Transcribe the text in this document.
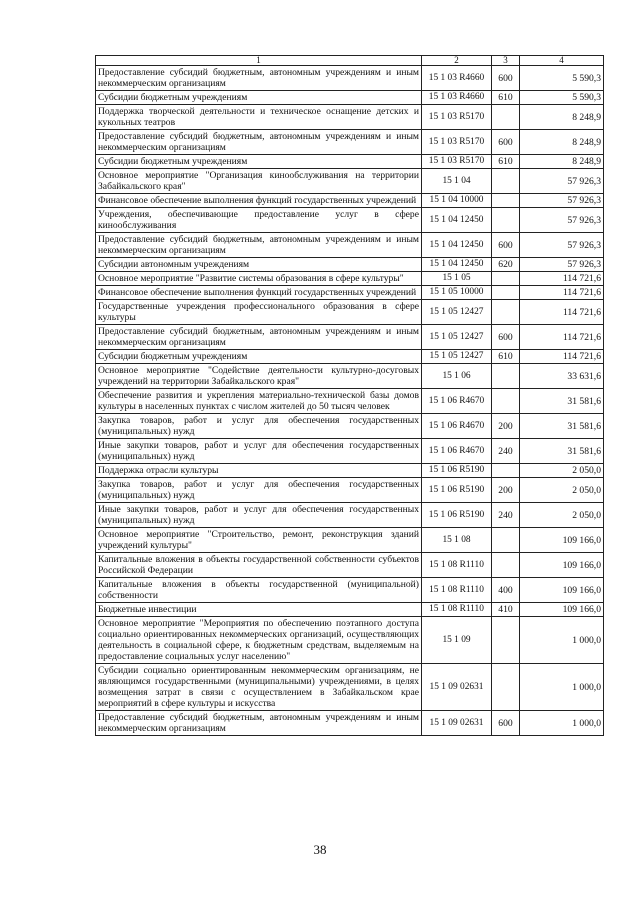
1	2	3	4
Предоставление субсидий бюджетным, автономным учреждениям и иным некоммерческим организациям	15 1 03 R4660	600	5 590,3
Субсидии бюджетным учреждениям	15 1 03 R4660	610	5 590,3
Поддержка творческой деятельности и техническое оснащение детских и кукольных театров	15 1 03 R5170		8 248,9
Предоставление субсидий бюджетным, автономным учреждениям и иным некоммерческим организациям	15 1 03 R5170	600	8 248,9
Субсидии бюджетным учреждениям	15 1 03 R5170	610	8 248,9
Основное мероприятие "Организация кинообслуживания на территории Забайкальского края"	15 1 04		57 926,3
Финансовое обеспечение выполнения функций государственных учреждений	15 1 04 10000		57 926,3
Учреждения, обеспечивающие предоставление услуг в сфере кинообслуживания	15 1 04 12450		57 926,3
Предоставление субсидий бюджетным, автономным учреждениям и иным некоммерческим организациям	15 1 04 12450	600	57 926,3
Субсидии автономным учреждениям	15 1 04 12450	620	57 926,3
Основное мероприятие "Развитие системы образования в сфере культуры"	15 1 05		114 721,6
Финансовое обеспечение выполнения функций государственных учреждений	15 1 05 10000		114 721,6
Государственные учреждения профессионального образования в сфере культуры	15 1 05 12427		114 721,6
Предоставление субсидий бюджетным, автономным учреждениям и иным некоммерческим организациям	15 1 05 12427	600	114 721,6
Субсидии бюджетным учреждениям	15 1 05 12427	610	114 721,6
Основное мероприятие "Содействие деятельности культурно-досуговых учреждений на территории Забайкальского края"	15 1 06		33 631,6
Обеспечение развития и укрепления материально-технической базы домов культуры в населенных пунктах с числом жителей до 50 тысяч человек	15 1 06 R4670		31 581,6
Закупка товаров, работ и услуг для обеспечения государственных (муниципальных) нужд	15 1 06 R4670	200	31 581,6
Иные закупки товаров, работ и услуг для обеспечения государственных (муниципальных) нужд	15 1 06 R4670	240	31 581,6
Поддержка отрасли культуры	15 1 06 R5190		2 050,0
Закупка товаров, работ и услуг для обеспечения государственных (муниципальных) нужд	15 1 06 R5190	200	2 050,0
Иные закупки товаров, работ и услуг для обеспечения государственных (муниципальных) нужд	15 1 06 R5190	240	2 050,0
Основное мероприятие "Строительство, ремонт, реконструкция зданий учреждений культуры"	15 1 08		109 166,0
Капитальные вложения в объекты государственной собственности субъектов Российской Федерации	15 1 08 R1110		109 166,0
Капитальные вложения в объекты государственной (муниципальной) собственности	15 1 08 R1110	400	109 166,0
Бюджетные инвестиции	15 1 08 R1110	410	109 166,0
Основное мероприятие "Мероприятия по обеспечению поэтапного доступа социально ориентированных некоммерческих организаций, осуществляющих деятельность в социальной сфере, к бюджетным средствам, выделяемым на предоставление социальных услуг населению"	15 1 09		1 000,0
Субсидии социально ориентированным некоммерческим организациям, не являющимся государственными (муниципальными) учреждениями, в целях возмещения затрат в связи с осуществлением в Забайкальском крае мероприятий в сфере культуры и искусства	15 1 09 02631		1 000,0
Предоставление субсидий бюджетным, автономным учреждениям и иным некоммерческим организациям	15 1 09 02631	600	1 000,0
38
